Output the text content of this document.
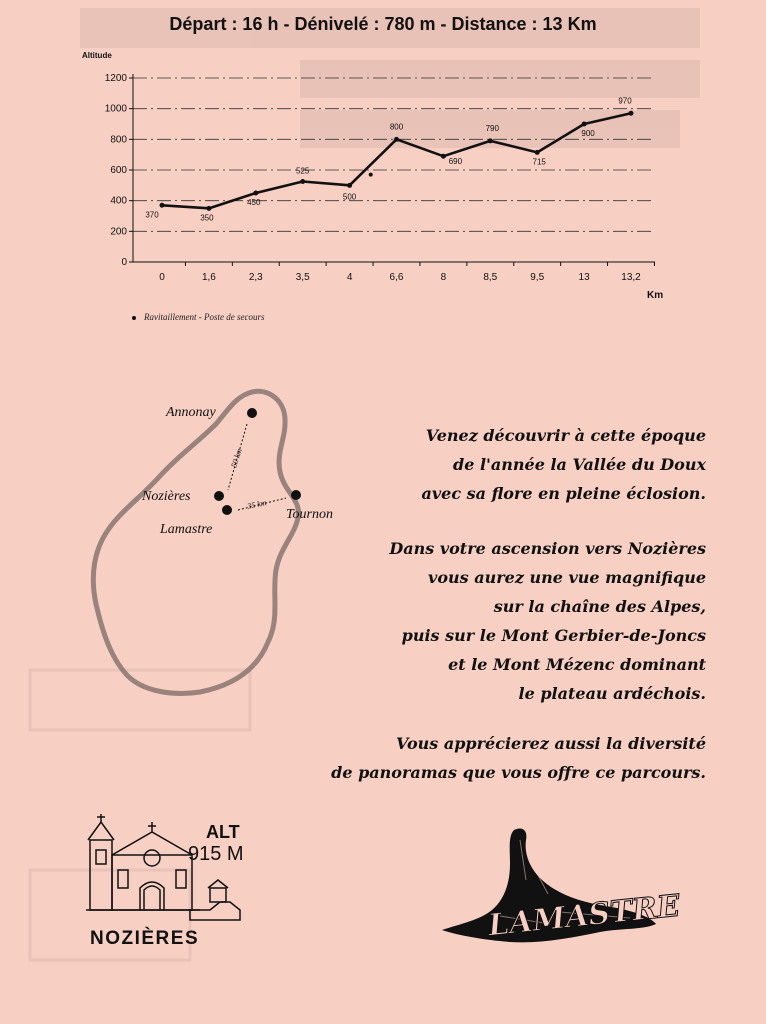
Départ : 16 h - Dénivelé : 780 m - Distance : 13 Km
Altitude
0
200
400
600
800
1000
1200
0	1,6	2,3	3,5	4	6,6	8	8,5	9,5	13	13,2
Km
370	350
450
525
500
800
690
790
715
900
970
Ravitaillement - Poste de secours
50 km
35 km
Annonay
Nozières
Lamastre
Tournon
Venez découvrir à cette époque
de l'année la Vallée du Doux
avec sa flore en pleine éclosion.
Dans votre ascension vers Nozières
vous aurez une vue magnifique
sur la chaîne des Alpes,
puis sur le Mont Gerbier-de-Joncs
et le Mont Mézenc dominant
le plateau ardéchois.
Vous apprécierez aussi la diversité
de panoramas que vous offre ce parcours.
ALT
915 M
NOZIÈRES	LAMASTRE
